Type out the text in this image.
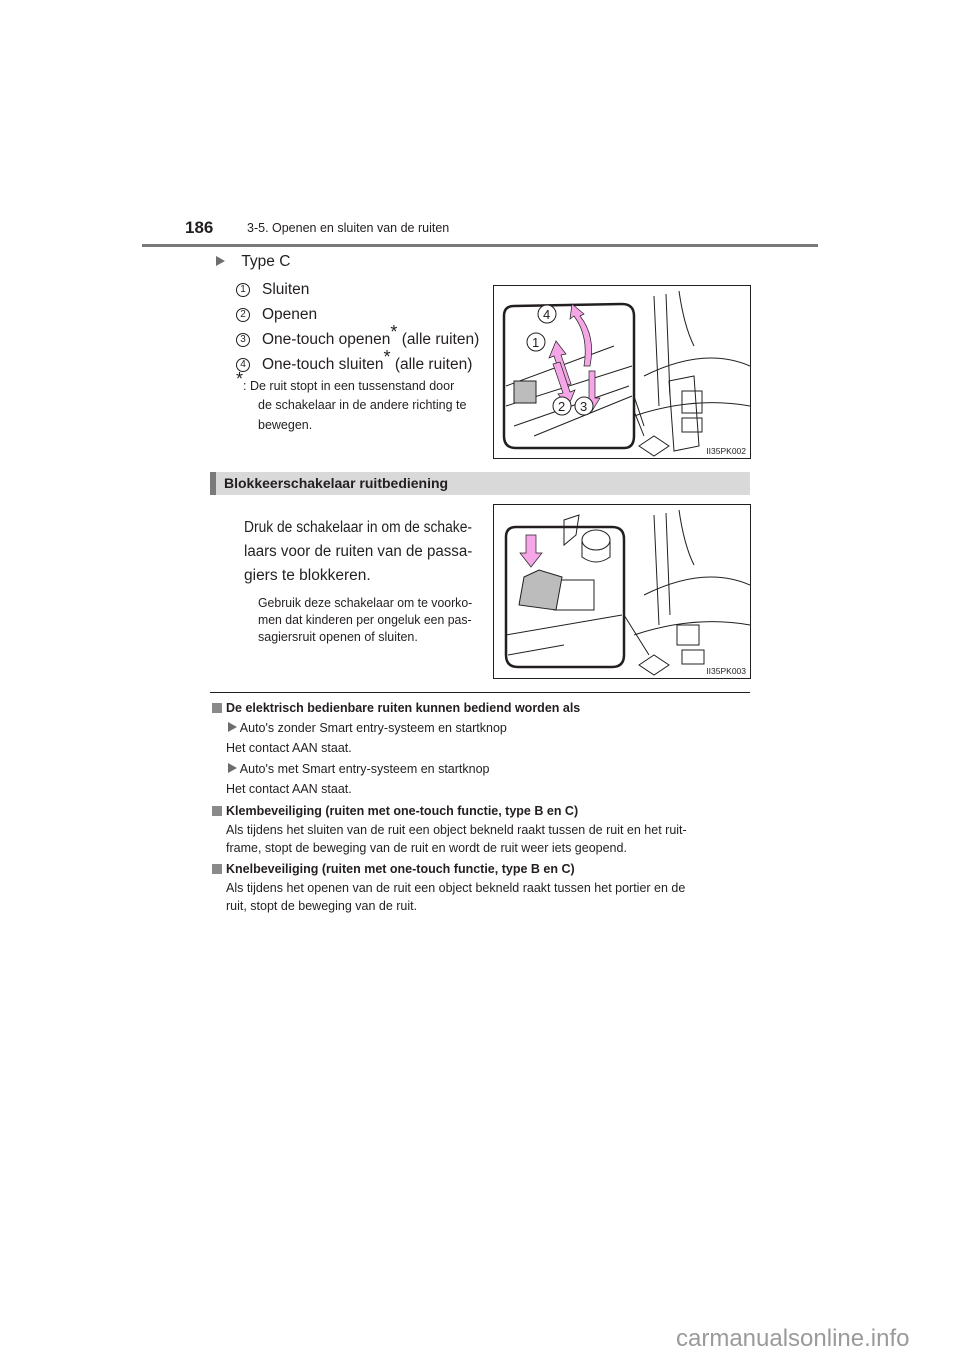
186	3-5. Openen en sluiten van de ruiten
Type C
1 Sluiten
2 Openen
3 One-touch openen* (alle ruiten)
4 One-touch sluiten* (alle ruiten)
*: De ruit stopt in een tussenstand door
de schakelaar in de andere richting te
bewegen.
4
1
2 3
II35PK002
Blokkeerschakelaar ruitbediening
Druk de schakelaar in om de schake-
laars voor de ruiten van de passa-
giers te blokkeren.
Gebruik deze schakelaar om te voorko-
men dat kinderen per ongeluk een pas-
sagiersruit openen of sluiten.
II35PK003
De elektrisch bedienbare ruiten kunnen bediend worden als
Auto's zonder Smart entry-systeem en startknop
Het contact AAN staat.
Auto's met Smart entry-systeem en startknop
Het contact AAN staat.
Klembeveiliging (ruiten met one-touch functie, type B en C)
Als tijdens het sluiten van de ruit een object bekneld raakt tussen de ruit en het ruit-
frame, stopt de beweging van de ruit en wordt de ruit weer iets geopend.
Knelbeveiliging (ruiten met one-touch functie, type B en C)
Als tijdens het openen van de ruit een object bekneld raakt tussen het portier en de
ruit, stopt de beweging van de ruit.
carmanualsonline.info
